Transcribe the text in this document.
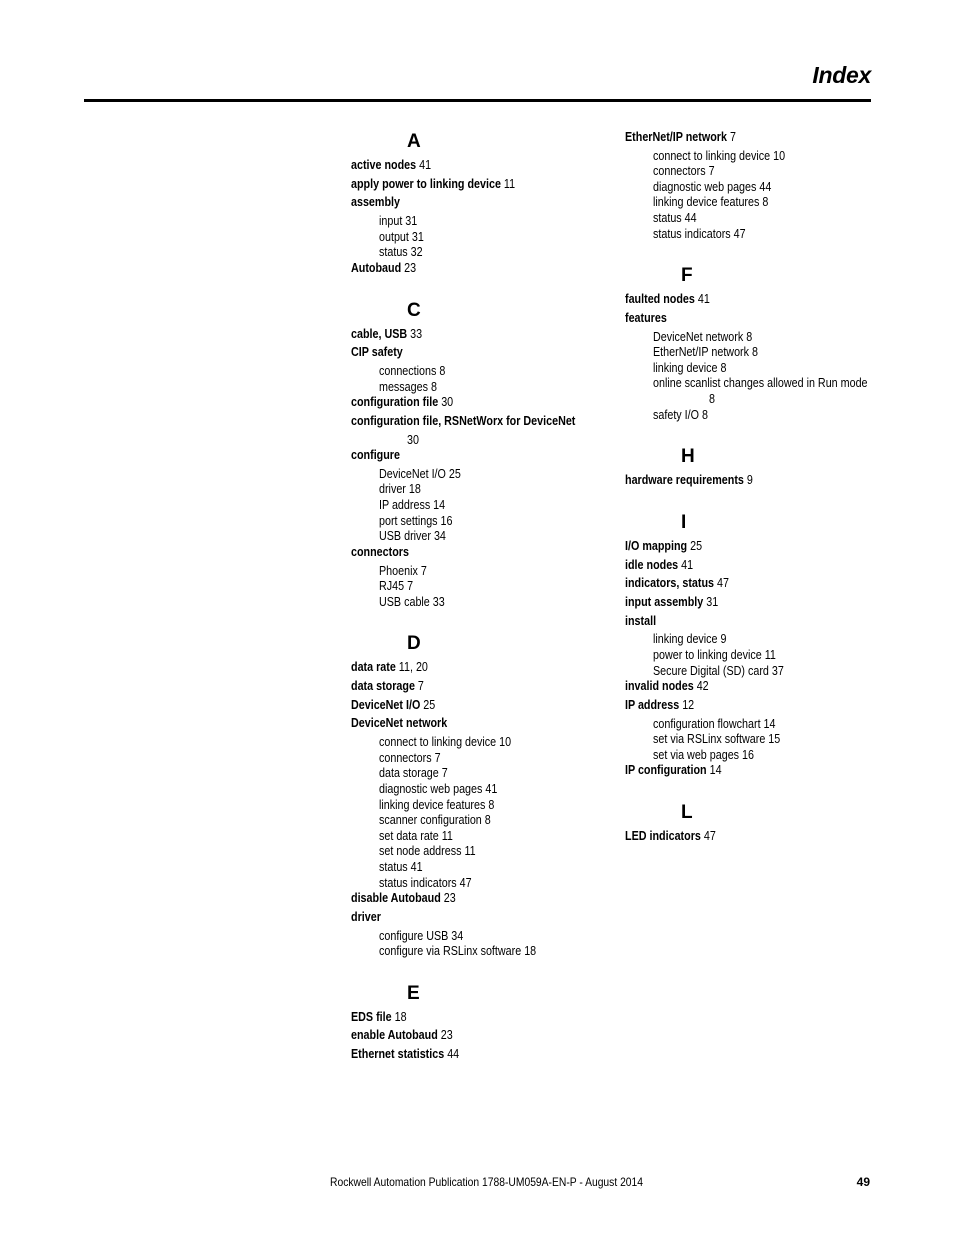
Index
A
active nodes 41
apply power to linking device 11
assembly
input 31
output 31
status 32
Autobaud 23
C
cable, USB 33
CIP safety
connections 8
messages 8
configuration file 30
configuration file, RSNetWorx for DeviceNet
30
configure
DeviceNet I/O 25
driver 18
IP address 14
port settings 16
USB driver 34
connectors
Phoenix 7
RJ45 7
USB cable 33
D
data rate 11, 20
data storage 7
DeviceNet I/O 25
DeviceNet network
connect to linking device 10
connectors 7
data storage 7
diagnostic web pages 41
linking device features 8
scanner configuration 8
set data rate 11
set node address 11
status 41
status indicators 47
disable Autobaud 23
driver
configure USB 34
configure via RSLinx software 18
E
EDS file 18
enable Autobaud 23
Ethernet statistics 44
EtherNet/IP network 7
connect to linking device 10
connectors 7
diagnostic web pages 44
linking device features 8
status 44
status indicators 47
F
faulted nodes 41
features
DeviceNet network 8
EtherNet/IP network 8
linking device 8
online scanlist changes allowed in Run mode
8
safety I/O 8
H
hardware requirements 9
I
I/O mapping 25
idle nodes 41
indicators, status 47
input assembly 31
install
linking device 9
power to linking device 11
Secure Digital (SD) card 37
invalid nodes 42
IP address 12
configuration flowchart 14
set via RSLinx software 15
set via web pages 16
IP configuration 14
L
LED indicators 47
Rockwell Automation Publication 1788-UM059A-EN-P - August 2014	49
